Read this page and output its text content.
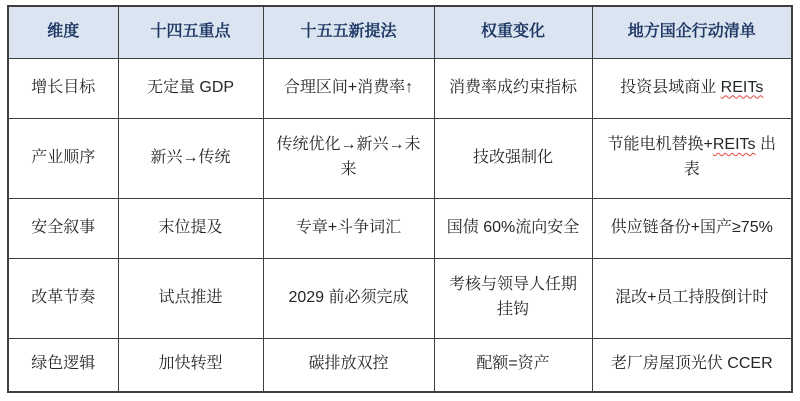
维度	十四五重点	十五五新提法	权重变化	地方国企行动清单
增长目标	无定量 GDP	合理区间+消费率↑	消费率成约束指标	投资县域商业 REITs
产业顺序	新兴→传统	传统优化→新兴→未来	技改强制化	节能电机替换+REITs 出表
安全叙事	末位提及	专章+斗争词汇	国债 60%流向安全	供应链备份+国产≥75%
改革节奏	试点推进	2029 前必须完成	考核与领导人任期挂钩	混改+员工持股倒计时
绿色逻辑	加快转型	碳排放双控	配额=资产	老厂房屋顶光伏 CCER
